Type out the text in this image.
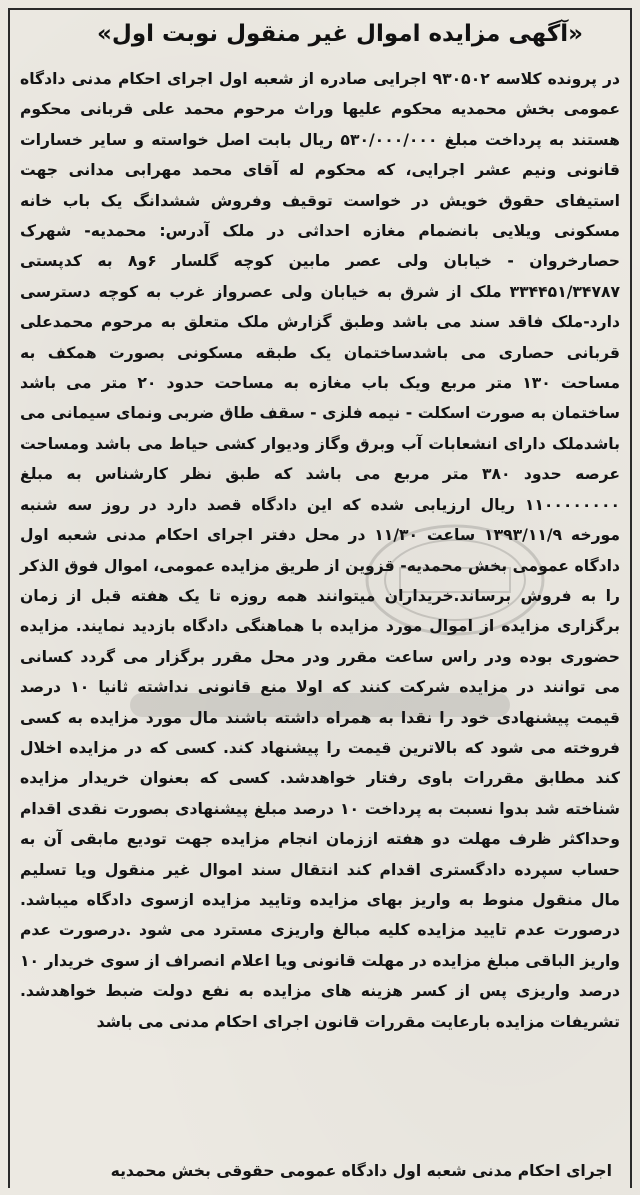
«آگهی مزایده اموال غیر منقول نوبت اول»

در پرونده کلاسه ۹۳۰۵۰۲ اجرایی صادره از شعبه اول اجرای احکام مدنی دادگاه عمومی بخش محمدیه محکوم علیها وراث مرحوم محمد علی قربانی محکوم هستند به پرداخت مبلغ ۵۳۰/۰۰۰/۰۰۰ ریال بابت اصل خواسته و سایر خسارات قانونی ونیم عشر اجرایی، که محکوم له آقای محمد مهرابی مدانی جهت استیفای حقوق خویش در خواست توقیف وفروش ششدانگ یک باب خانه مسکونی ویلایی بانضمام مغازه احداثی در ملک آدرس: محمدیه- شهرک حصارخروان - خیابان ولی عصر مابین کوچه گلسار ۶و۸ به کدپستی ۳۳۴۴۵۱/۳۴۷۸۷ ملک از شرق به خیابان ولی عصرواز غرب به کوچه دسترسی دارد-ملک فاقد سند می باشد وطبق گزارش ملک متعلق به مرحوم محمدعلی قربانی حصاری می باشدساختمان یک طبقه مسکونی بصورت همکف به مساحت ۱۳۰ متر مربع ویک باب مغازه به مساحت حدود ۲۰ متر می باشد ساختمان به صورت اسکلت - نیمه فلزی - سقف طاق ضربی ونمای سیمانی می باشدملک دارای انشعابات آب وبرق وگاز ودیوار کشی حیاط می باشد ومساحت عرصه حدود ۳۸۰ متر مربع می باشد که طبق نظر کارشناس به مبلغ ۱۱۰۰۰۰۰۰۰۰ ریال ارزیابی شده که این دادگاه قصد دارد در روز سه شنبه مورخه ۱۳۹۳/۱۱/۹ ساعت ۱۱/۳۰ در محل دفتر اجرای احکام مدنی شعبه اول دادگاه عمومی بخش محمدیه- قزوین از طریق مزایده عمومی، اموال فوق الذکر را به فروش برساند.خریداران میتوانند همه روزه تا یک هفته قبل از زمان برگزاری مزایده از اموال مورد مزایده با هماهنگی دادگاه بازدید نمایند. مزایده حضوری بوده ودر راس ساعت مقرر ودر محل مقرر برگزار می گردد کسانی می توانند در مزایده شرکت کنند که اولا منع قانونی نداشته ثانیا ۱۰ درصد قیمت پیشنهادی خود را نقدا به همراه داشته باشند مال مورد مزایده به کسی فروخته می شود که بالاترین قیمت را پیشنهاد کند. کسی که در مزایده اخلال کند مطابق مقررات باوی رفتار خواهدشد. کسی که بعنوان خریدار مزایده شناخته شد بدوا نسبت به پرداخت ۱۰ درصد مبلغ پیشنهادی بصورت نقدی اقدام وحداکثر ظرف مهلت دو هفته اززمان انجام مزایده جهت تودیع مابقی آن به حساب سپرده دادگستری اقدام کند انتقال سند اموال غیر منقول ویا تسلیم مال منقول منوط به واریز بهای مزایده وتایید مزایده ازسوی دادگاه میباشد. درصورت عدم تایید مزایده کلیه مبالغ واریزی مسترد می شود .درصورت عدم واریز الباقی مبلغ مزایده در مهلت قانونی ویا اعلام انصراف از سوی خریدار ۱۰ درصد واریزی پس از کسر هزینه های مزایده به نفع دولت ضبط خواهدشد. تشریفات مزایده بارعایت مقررات قانون اجرای احکام مدنی می باشد

اجرای احکام مدنی شعبه اول دادگاه عمومی حقوقی بخش محمدیه
